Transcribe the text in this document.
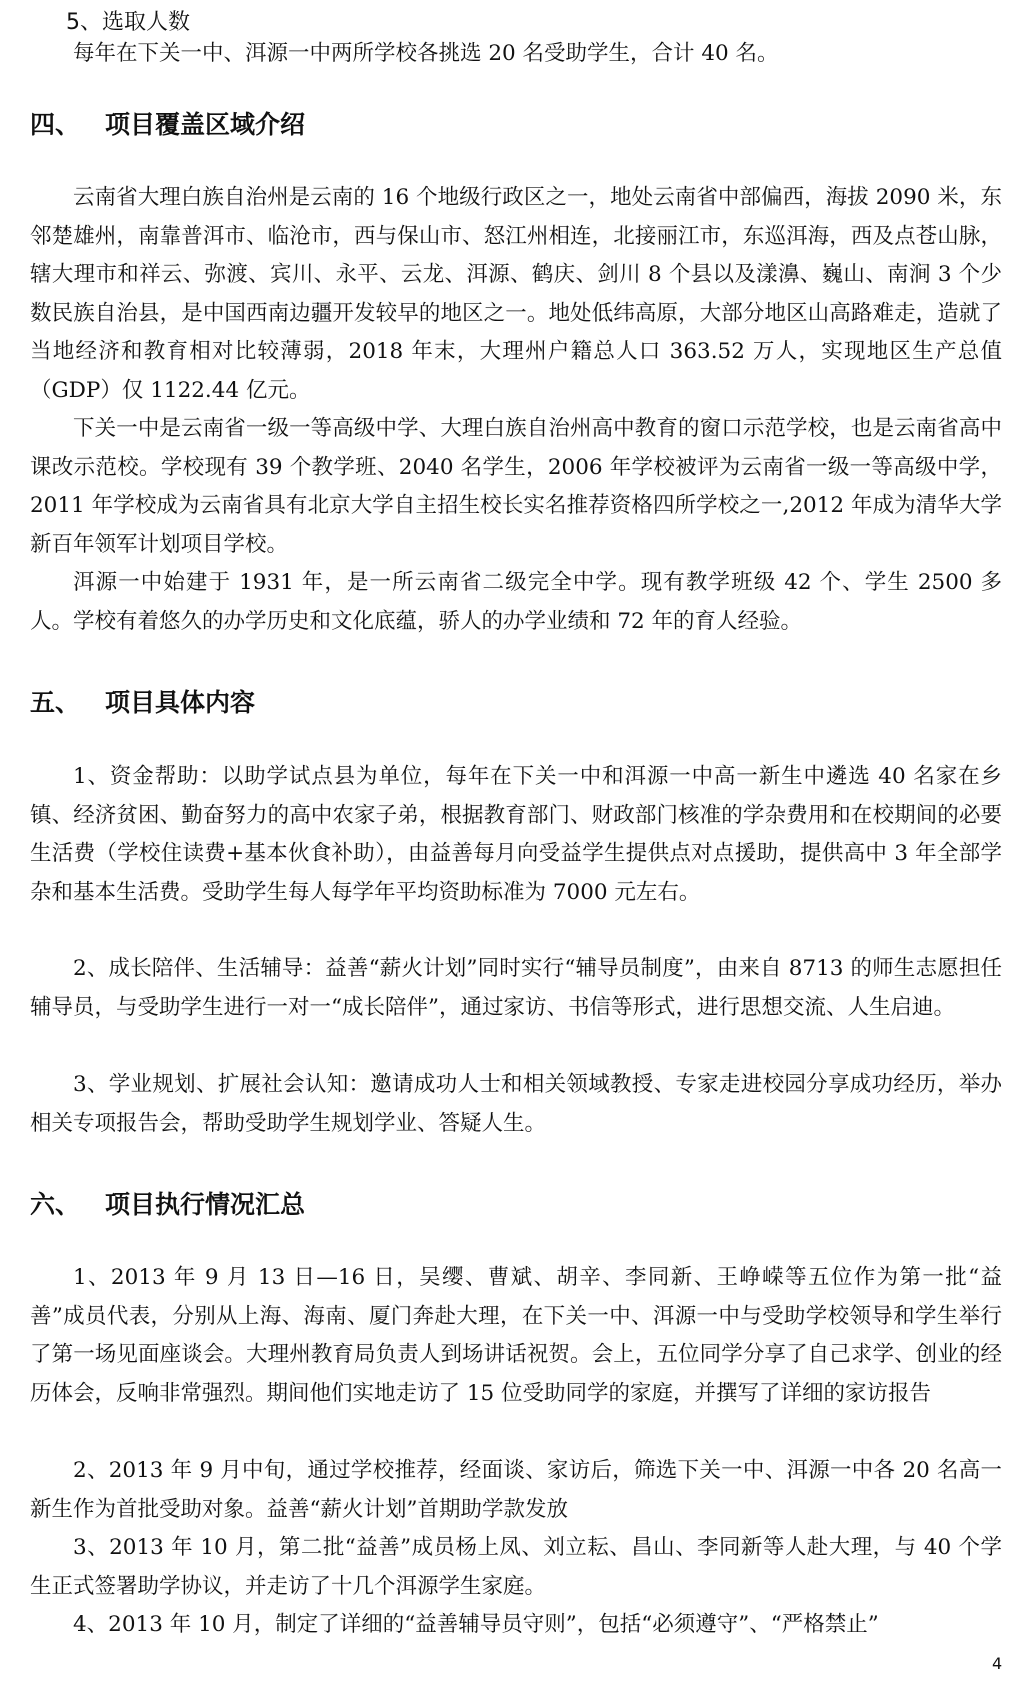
5、选取人数

每年在下关一中、洱源一中两所学校各挑选 20 名受助学生，合计 40 名。

四、 项目覆盖区域介绍

云南省大理白族自治州是云南的 16 个地级行政区之一，地处云南省中部偏西，海拔 2090 米，东邻楚雄州，南靠普洱市、临沧市，西与保山市、怒江州相连，北接丽江市，东巡洱海，西及点苍山脉，辖大理市和祥云、弥渡、宾川、永平、云龙、洱源、鹤庆、剑川 8 个县以及漾濞、巍山、南涧 3 个少数民族自治县，是中国西南边疆开发较早的地区之一。地处低纬高原，大部分地区山高路难走，造就了当地经济和教育相对比较薄弱，2018 年末，大理州户籍总人口 363.52 万人，实现地区生产总值（GDP）仅 1122.44 亿元。

下关一中是云南省一级一等高级中学、大理白族自治州高中教育的窗口示范学校，也是云南省高中课改示范校。学校现有 39 个教学班、2040 名学生，2006 年学校被评为云南省一级一等高级中学，2011 年学校成为云南省具有北京大学自主招生校长实名推荐资格四所学校之一,2012 年成为清华大学新百年领军计划项目学校。

洱源一中始建于 1931 年，是一所云南省二级完全中学。现有教学班级 42 个、学生 2500 多人。学校有着悠久的办学历史和文化底蕴，骄人的办学业绩和 72 年的育人经验。

五、 项目具体内容

1、资金帮助：以助学试点县为单位，每年在下关一中和洱源一中高一新生中遴选 40 名家在乡镇、经济贫困、勤奋努力的高中农家子弟，根据教育部门、财政部门核准的学杂费用和在校期间的必要生活费（学校住读费+基本伙食补助），由益善每月向受益学生提供点对点援助，提供高中 3 年全部学杂和基本生活费。受助学生每人每学年平均资助标准为 7000 元左右。

2、成长陪伴、生活辅导：益善“薪火计划”同时实行“辅导员制度”，由来自 8713 的师生志愿担任辅导员，与受助学生进行一对一“成长陪伴”，通过家访、书信等形式，进行思想交流、人生启迪。

3、学业规划、扩展社会认知：邀请成功人士和相关领域教授、专家走进校园分享成功经历，举办相关专项报告会，帮助受助学生规划学业、答疑人生。

六、 项目执行情况汇总

1、2013 年 9 月 13 日—16 日，吴缨、曹斌、胡辛、李同新、王峥嵘等五位作为第一批“益善”成员代表，分别从上海、海南、厦门奔赴大理，在下关一中、洱源一中与受助学校领导和学生举行了第一场见面座谈会。大理州教育局负责人到场讲话祝贺。会上，五位同学分享了自己求学、创业的经历体会，反响非常强烈。期间他们实地走访了 15 位受助同学的家庭，并撰写了详细的家访报告

2、2013 年 9 月中旬，通过学校推荐，经面谈、家访后，筛选下关一中、洱源一中各 20 名高一新生作为首批受助对象。益善“薪火计划”首期助学款发放

3、2013 年 10 月，第二批“益善”成员杨上凤、刘立耘、昌山、李同新等人赴大理，与 40 个学生正式签署助学协议，并走访了十几个洱源学生家庭。

4、2013 年 10 月，制定了详细的“益善辅导员守则”，包括“必须遵守”、“严格禁止”

4
